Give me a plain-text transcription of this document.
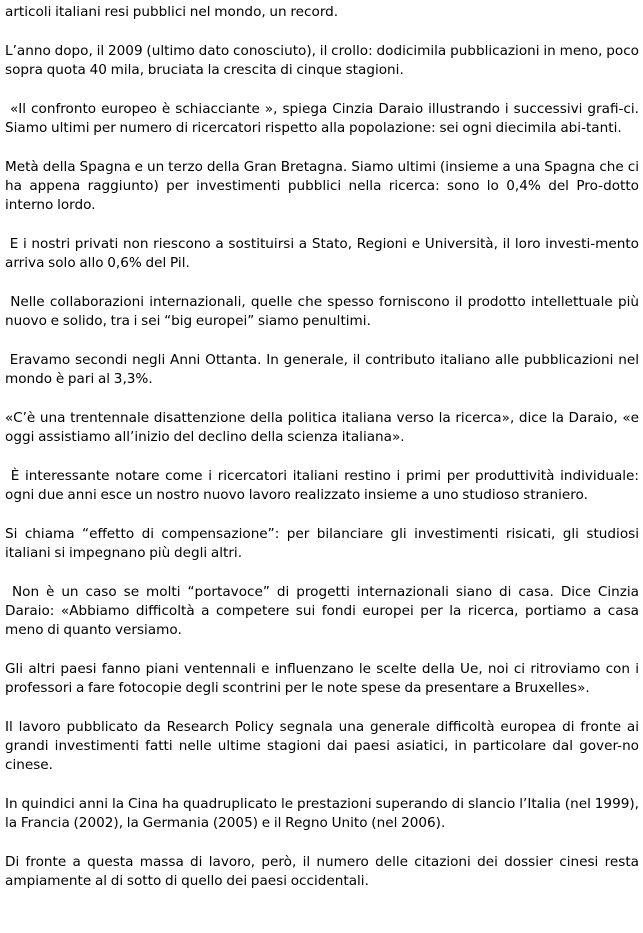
articoli italiani resi pubblici nel mondo, un record.

L’anno dopo, il 2009 (ultimo dato conosciuto), il crollo: dodicimila pubblicazioni in meno, poco sopra quota 40 mila, bruciata la crescita di cinque stagioni.

«Il confronto europeo è schiacciante », spiega Cinzia Daraio illustrando i successivi grafi-ci. Siamo ultimi per numero di ricercatori rispetto alla popolazione: sei ogni diecimila abi-tanti.

Metà della Spagna e un terzo della Gran Bretagna. Siamo ultimi (insieme a una Spagna che ci ha appena raggiunto) per investimenti pubblici nella ricerca: sono lo 0,4% del Pro-dotto interno lordo.

E i nostri privati non riescono a sostituirsi a Stato, Regioni e Università, il loro investi-mento arriva solo allo 0,6% del Pil.

Nelle collaborazioni internazionali, quelle che spesso forniscono il prodotto intellettuale più nuovo e solido, tra i sei “big europei” siamo penultimi.

Eravamo secondi negli Anni Ottanta. In generale, il contributo italiano alle pubblicazioni nel mondo è pari al 3,3%.

«C’è una trentennale disattenzione della politica italiana verso la ricerca», dice la Daraio, «e oggi assistiamo all’inizio del declino della scienza italiana».

È interessante notare come i ricercatori italiani restino i primi per produttività individuale: ogni due anni esce un nostro nuovo lavoro realizzato insieme a uno studioso straniero.

Si chiama “effetto di compensazione”: per bilanciare gli investimenti risicati, gli studiosi italiani si impegnano più degli altri.

Non è un caso se molti “portavoce” di progetti internazionali siano di casa. Dice Cinzia Daraio: «Abbiamo difficoltà a competere sui fondi europei per la ricerca, portiamo a casa meno di quanto versiamo.

Gli altri paesi fanno piani ventennali e influenzano le scelte della Ue, noi ci ritroviamo con i professori a fare fotocopie degli scontrini per le note spese da presentare a Bruxelles».

Il lavoro pubblicato da Research Policy segnala una generale difficoltà europea di fronte ai grandi investimenti fatti nelle ultime stagioni dai paesi asiatici, in particolare dal gover-no cinese.

In quindici anni la Cina ha quadruplicato le prestazioni superando di slancio l’Italia (nel 1999), la Francia (2002), la Germania (2005) e il Regno Unito (nel 2006).

Di fronte a questa massa di lavoro, però, il numero delle citazioni dei dossier cinesi resta ampiamente al di sotto di quello dei paesi occidentali.
